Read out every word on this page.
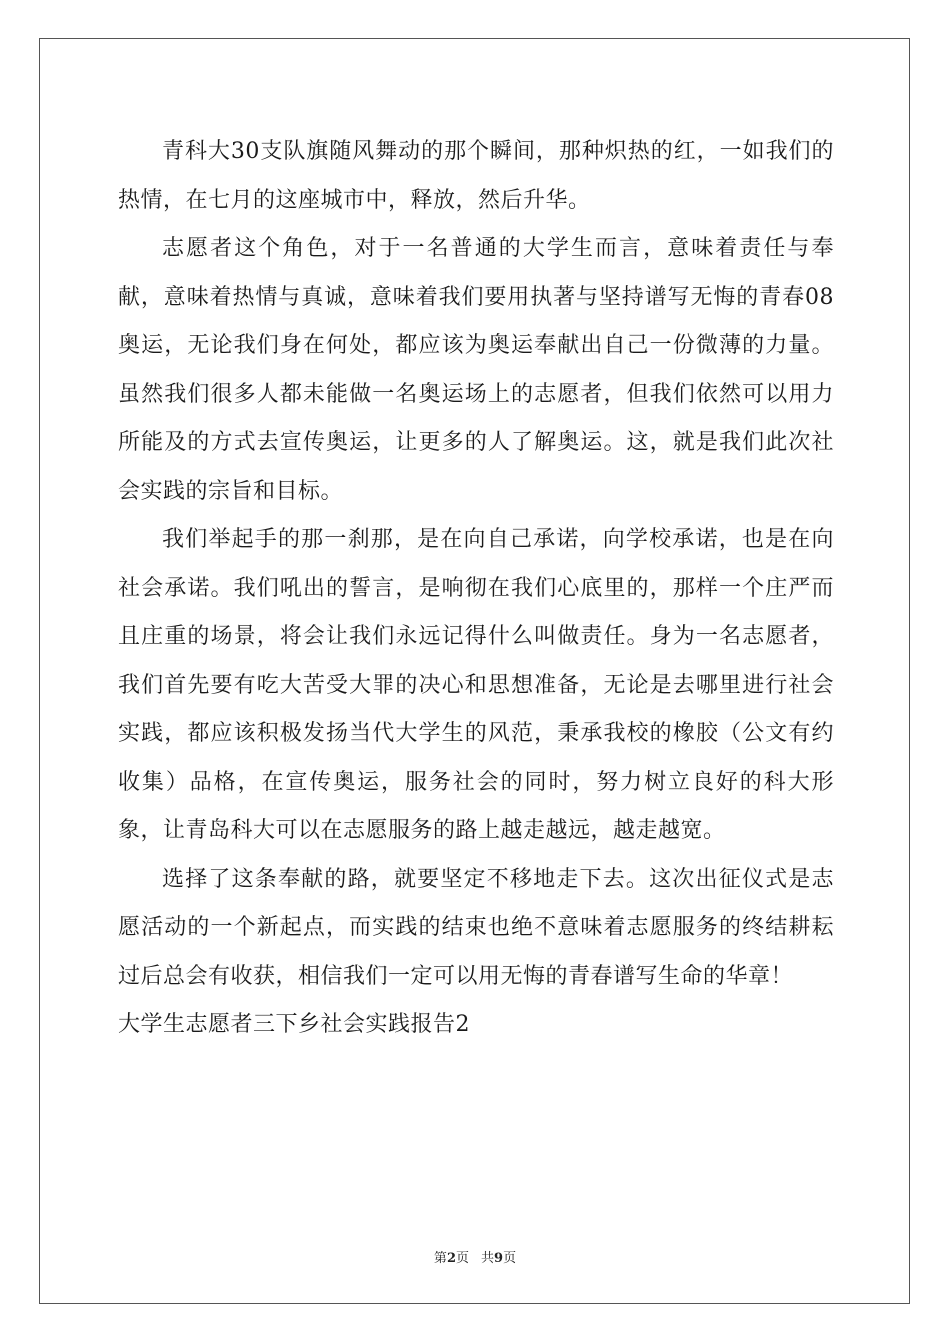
青科大30支队旗随风舞动的那个瞬间，那种炽热的红，一如我们的热情，在七月的这座城市中，释放，然后升华。

志愿者这个角色，对于一名普通的大学生而言，意味着责任与奉献，意味着热情与真诚，意味着我们要用执著与坚持谱写无悔的青春08奥运，无论我们身在何处，都应该为奥运奉献出自己一份微薄的力量。虽然我们很多人都未能做一名奥运场上的志愿者，但我们依然可以用力所能及的方式去宣传奥运，让更多的人了解奥运。这，就是我们此次社会实践的宗旨和目标。

我们举起手的那一刹那，是在向自己承诺，向学校承诺，也是在向社会承诺。我们吼出的誓言，是响彻在我们心底里的，那样一个庄严而且庄重的场景，将会让我们永远记得什么叫做责任。身为一名志愿者，我们首先要有吃大苦受大罪的决心和思想准备，无论是去哪里进行社会实践，都应该积极发扬当代大学生的风范，秉承我校的橡胶（公文有约收集）品格，在宣传奥运，服务社会的同时，努力树立良好的科大形象，让青岛科大可以在志愿服务的路上越走越远，越走越宽。

选择了这条奉献的路，就要坚定不移地走下去。这次出征仪式是志愿活动的一个新起点，而实践的结束也绝不意味着志愿服务的终结耕耘过后总会有收获，相信我们一定可以用无悔的青春谱写生命的华章！

大学生志愿者三下乡社会实践报告2

第2页 共9页
